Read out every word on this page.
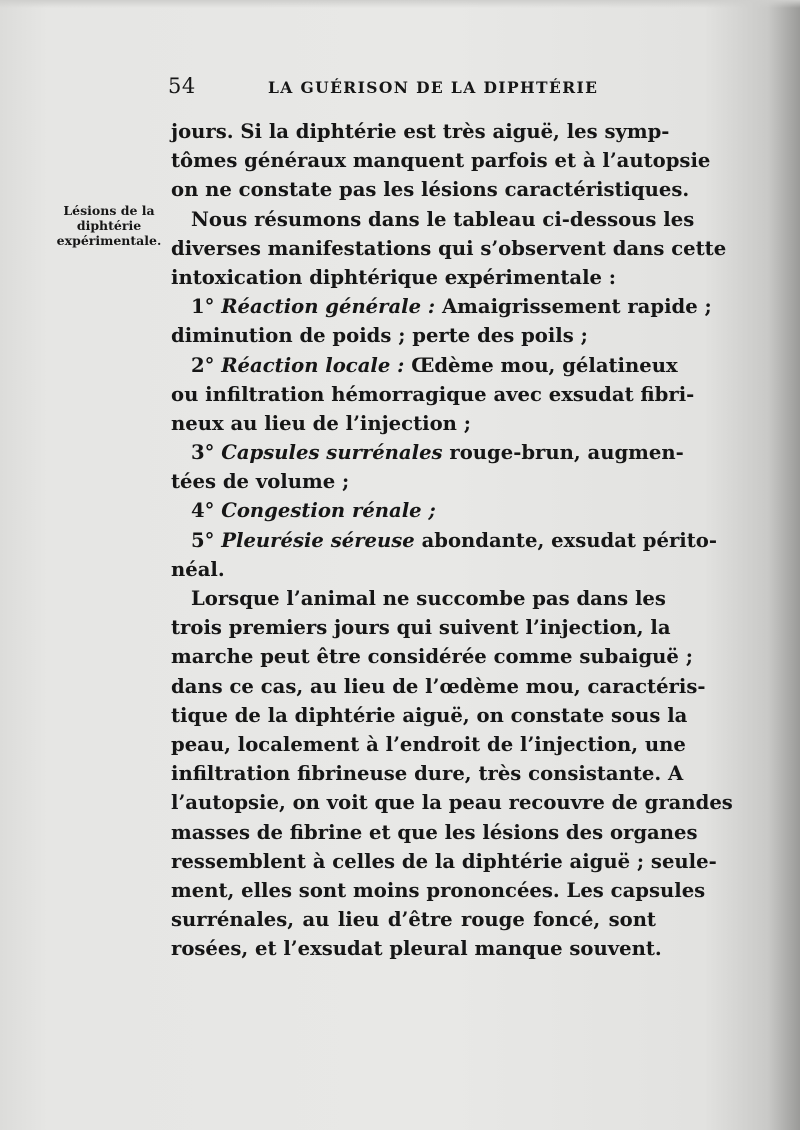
54	LA GUÉRISON DE LA DIPHTÉRIE
Lésions de la
diphtérie
expérimentale.
jours. Si la diphtérie est très aiguë, les symp-
tômes généraux manquent parfois et à l’autopsie
on ne constate pas les lésions caractéristiques.
Nous résumons dans le tableau ci-dessous les
diverses manifestations qui s’observent dans cette
intoxication diphtérique expérimentale :
1° Réaction générale : Amaigrissement rapide ;
diminution de poids ; perte des poils ;
2° Réaction locale : Œdème mou, gélatineux
ou infiltration hémorragique avec exsudat fibri-
neux au lieu de l’injection ;
3° Capsules surrénales rouge-brun, augmen-
tées de volume ;
4° Congestion rénale ;
5° Pleurésie séreuse abondante, exsudat périto-
néal.
Lorsque l’animal ne succombe pas dans les
trois premiers jours qui suivent l’injection, la
marche peut être considérée comme subaiguë ;
dans ce cas, au lieu de l’œdème mou, caractéris-
tique de la diphtérie aiguë, on constate sous la
peau, localement à l’endroit de l’injection, une
infiltration fibrineuse dure, très consistante. A
l’autopsie, on voit que la peau recouvre de grandes
masses de fibrine et que les lésions des organes
ressemblent à celles de la diphtérie aiguë ; seule-
ment, elles sont moins prononcées. Les capsules
surrénales, au lieu d’être rouge foncé, sont
rosées, et l’exsudat pleural manque souvent.
